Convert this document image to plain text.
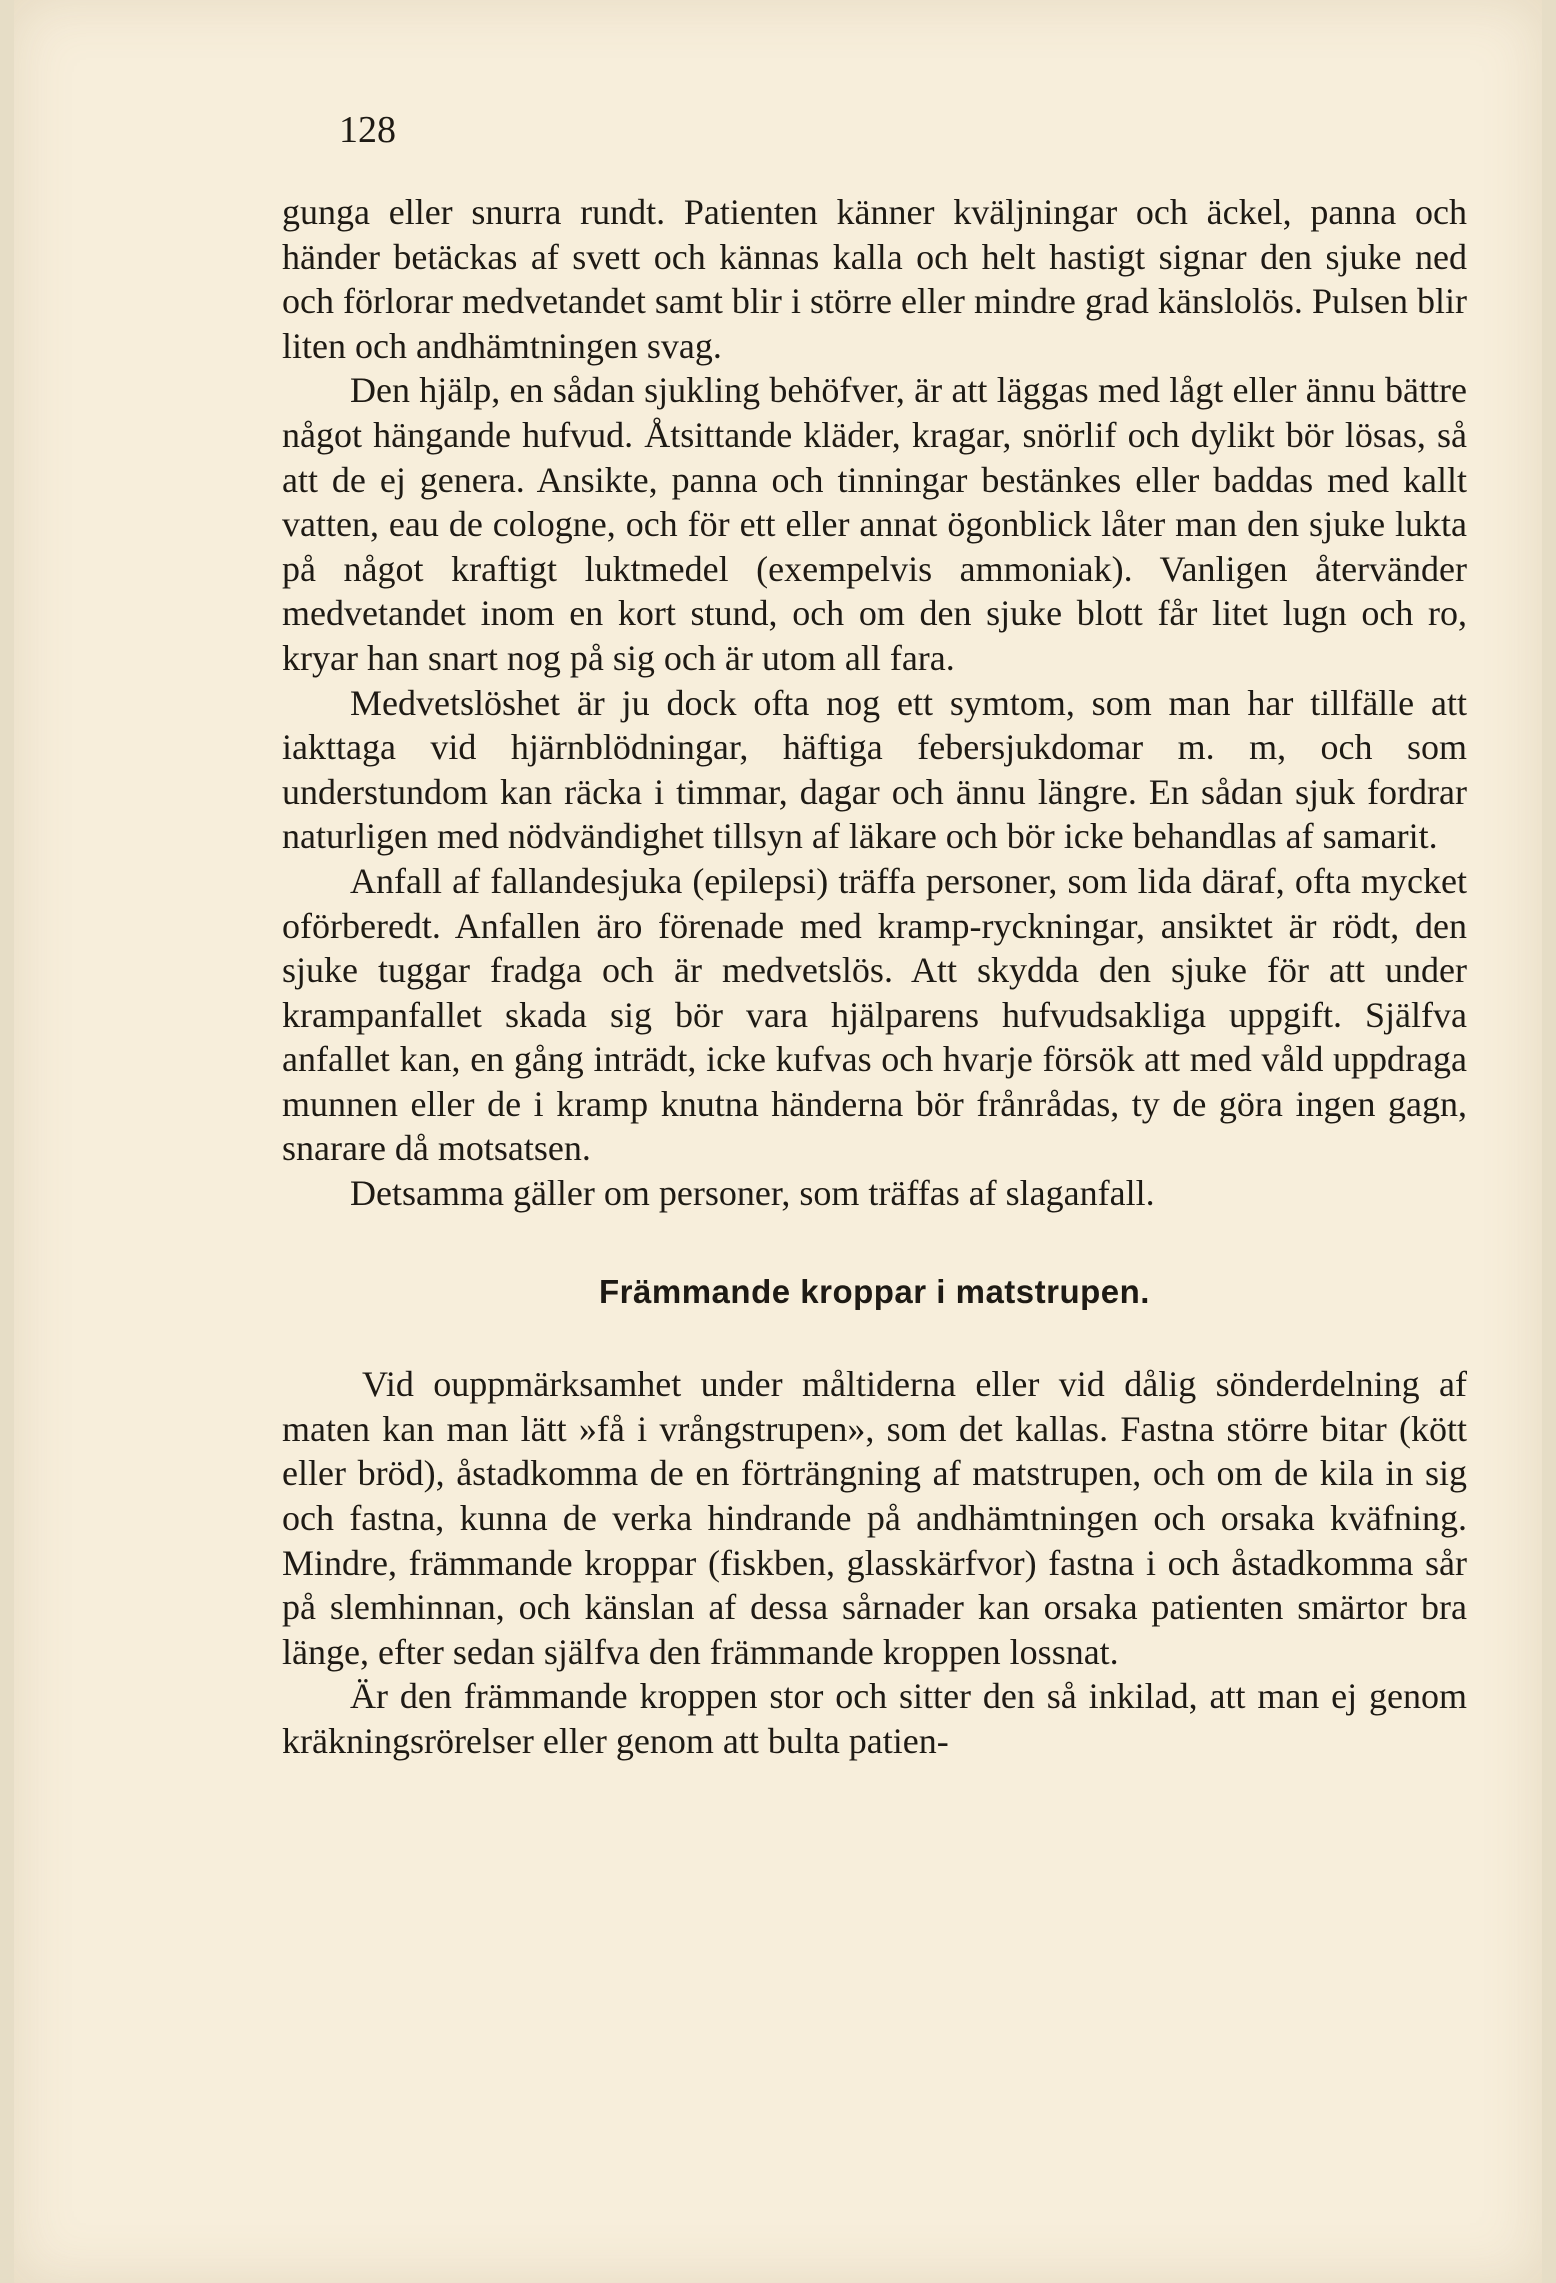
128

gunga eller snurra rundt. Patienten känner kväljningar och äckel, panna och händer betäckas af svett och kännas kalla och helt hastigt signar den sjuke ned och förlorar medvetandet samt blir i större eller mindre grad känslolös. Pulsen blir liten och andhämtningen svag.

Den hjälp, en sådan sjukling behöfver, är att läggas med lågt eller ännu bättre något hängande hufvud. Åtsittande kläder, kragar, snörlif och dylikt bör lösas, så att de ej genera. Ansikte, panna och tinningar bestänkes eller baddas med kallt vatten, eau de cologne, och för ett eller annat ögonblick låter man den sjuke lukta på något kraftigt luktmedel (exempelvis ammoniak). Vanligen återvänder medvetandet inom en kort stund, och om den sjuke blott får litet lugn och ro, kryar han snart nog på sig och är utom all fara.

Medvetslöshet är ju dock ofta nog ett symtom, som man har tillfälle att iakttaga vid hjärnblödningar, häftiga febersjukdomar m. m, och som understundom kan räcka i timmar, dagar och ännu längre. En sådan sjuk fordrar naturligen med nödvändighet tillsyn af läkare och bör icke behandlas af samarit.

Anfall af fallandesjuka (epilepsi) träffa personer, som lida däraf, ofta mycket oförberedt. Anfallen äro förenade med kramp-ryckningar, ansiktet är rödt, den sjuke tuggar fradga och är medvetslös. Att skydda den sjuke för att under krampanfallet skada sig bör vara hjälparens hufvudsakliga uppgift. Själfva anfallet kan, en gång inträdt, icke kufvas och hvarje försök att med våld uppdraga munnen eller de i kramp knutna händerna bör frånrådas, ty de göra ingen gagn, snarare då motsatsen.

Detsamma gäller om personer, som träffas af slaganfall.

Främmande kroppar i matstrupen.

Vid ouppmärksamhet under måltiderna eller vid dålig sönderdelning af maten kan man lätt »få i vrångstrupen», som det kallas. Fastna större bitar (kött eller bröd), åstadkomma de en förträngning af matstrupen, och om de kila in sig och fastna, kunna de verka hindrande på andhämtningen och orsaka kväfning. Mindre, främmande kroppar (fiskben, glasskärfvor) fastna i och åstadkomma sår på slemhinnan, och känslan af dessa sårnader kan orsaka patienten smärtor bra länge, efter sedan själfva den främmande kroppen lossnat.

Är den främmande kroppen stor och sitter den så inkilad, att man ej genom kräkningsrörelser eller genom att bulta patien-
